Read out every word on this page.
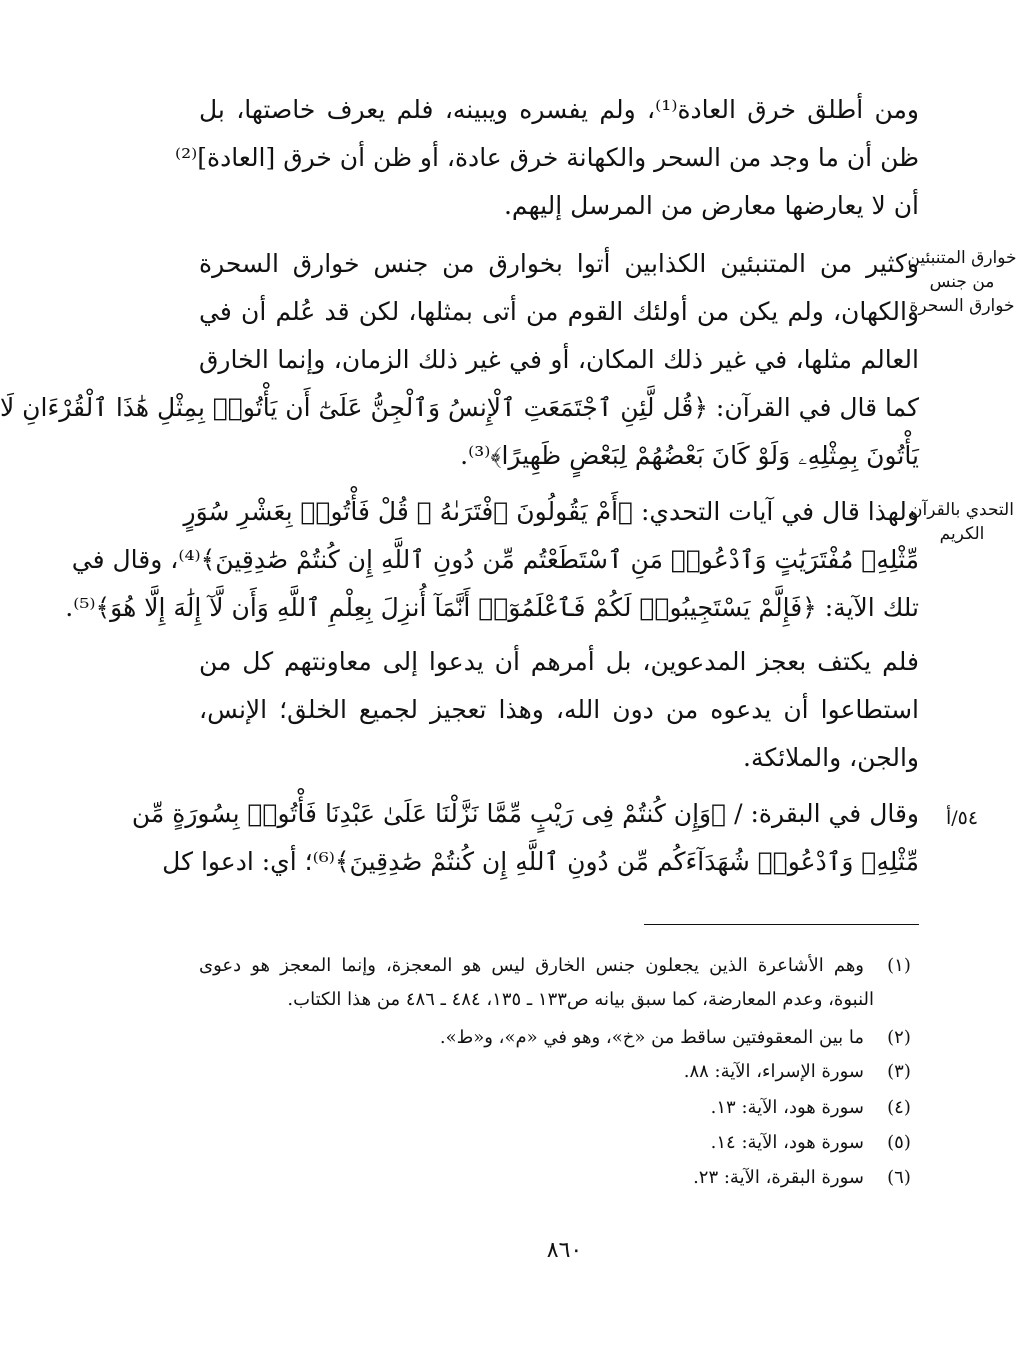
ومن أطلق خرق العادة⁽¹⁾، ولم يفسره ويبينه، فلم يعرف خاصتها، بل
ظن أن ما وجد من السحر والكهانة خرق عادة، أو ظن أن خرق [العادة]⁽²⁾
أن لا يعارضها معارض من المرسل إليهم.
وكثير من المتنبئين الكذابين أتوا بخوارق من جنس خوارق السحرة
والكهان، ولم يكن من أولئك القوم من أتى بمثلها، لكن قد عُلم أن في
العالم مثلها، في غير ذلك المكان، أو في غير ذلك الزمان، وإنما الخارق
كما قال في القرآن: ﴿قُل لَّئِنِ ٱجْتَمَعَتِ ٱلْإِنسُ وَٱلْجِنُّ عَلَىٰٓ أَن يَأْتُوا۟ بِمِثْلِ هَٰذَا ٱلْقُرْءَانِ لَا
يَأْتُونَ بِمِثْلِهِۦ وَلَوْ كَانَ بَعْضُهُمْ لِبَعْضٍ ظَهِيرًا﴾⁽³⁾.
ولهذا قال في آيات التحدي: ﴿أَمْ يَقُولُونَ ٱفْتَرَىٰهُ ۖ قُلْ فَأْتُوا۟ بِعَشْرِ سُوَرٍ
مِّثْلِهِۦ مُفْتَرَيَٰتٍ وَٱدْعُوا۟ مَنِ ٱسْتَطَعْتُم مِّن دُونِ ٱللَّهِ إِن كُنتُمْ صَٰدِقِينَ﴾⁽⁴⁾، وقال في
تلك الآية: ﴿فَإِلَّمْ يَسْتَجِيبُوا۟ لَكُمْ فَٱعْلَمُوٓا۟ أَنَّمَآ أُنزِلَ بِعِلْمِ ٱللَّهِ وَأَن لَّآ إِلَٰهَ إِلَّا هُوَ﴾⁽⁵⁾.
فلم يكتف بعجز المدعوين، بل أمرهم أن يدعوا إلى معاونتهم كل من
استطاعوا أن يدعوه من دون الله، وهذا تعجيز لجميع الخلق؛ الإنس،
والجن، والملائكة.
وقال في البقرة: / ﴿وَإِن كُنتُمْ فِى رَيْبٍ مِّمَّا نَزَّلْنَا عَلَىٰ عَبْدِنَا فَأْتُوا۟ بِسُورَةٍ مِّن
مِّثْلِهِۦ وَٱدْعُوا۟ شُهَدَآءَكُم مِّن دُونِ ٱللَّهِ إِن كُنتُمْ صَٰدِقِينَ﴾⁽⁶⁾؛ أي: ادعوا كل
خوارق المتنبئين من جنس خوارق السحرة
التحدي بالقرآن الكريم
٥٤/أ
(١)
وهم الأشاعرة الذين يجعلون جنس الخارق ليس هو المعجزة، وإنما المعجز هو دعوى
النبوة، وعدم المعارضة، كما سبق بيانه ص١٣٣ ـ ١٣٥، ٤٨٤ ـ ٤٨٦ من هذا الكتاب.
(٢)
ما بين المعقوفتين ساقط من «خ»، وهو في «م»، و«ط».
(٣)
سورة الإسراء، الآية: ٨٨.
(٤)
سورة هود، الآية: ١٣.
(٥)
سورة هود، الآية: ١٤.
(٦)
سورة البقرة، الآية: ٢٣.
٨٦٠
